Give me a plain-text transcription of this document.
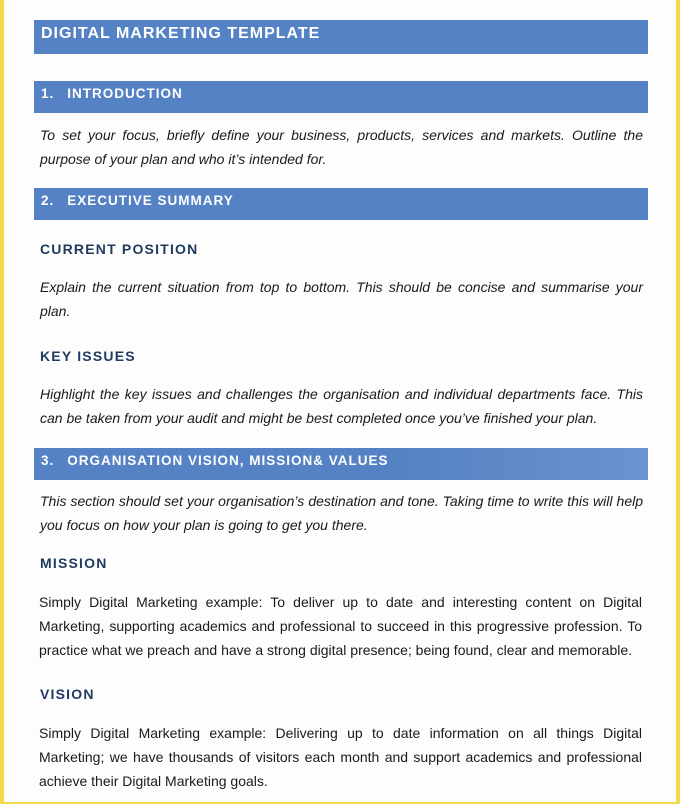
DIGITAL MARKETING TEMPLATE
1. INTRODUCTION

To set your focus, briefly define your business, products, services and markets. Outline the purpose of your plan and who it’s intended for.

2. EXECUTIVE SUMMARY

CURRENT POSITION

Explain the current situation from top to bottom. This should be concise and summarise your plan.

KEY ISSUES

Highlight the key issues and challenges the organisation and individual departments face. This can be taken from your audit and might be best completed once you’ve finished your plan.

3. ORGANISATION VISION, MISSION& VALUES

This section should set your organisation’s destination and tone. Taking time to write this will help you focus on how your plan is going to get you there.

MISSION

Simply Digital Marketing example: To deliver up to date and interesting content on Digital Marketing, supporting academics and professional to succeed in this progressive profession. To practice what we preach and have a strong digital presence; being found, clear and memorable.

VISION

Simply Digital Marketing example: Delivering up to date information on all things Digital Marketing; we have thousands of visitors each month and support academics and professional achieve their Digital Marketing goals.
